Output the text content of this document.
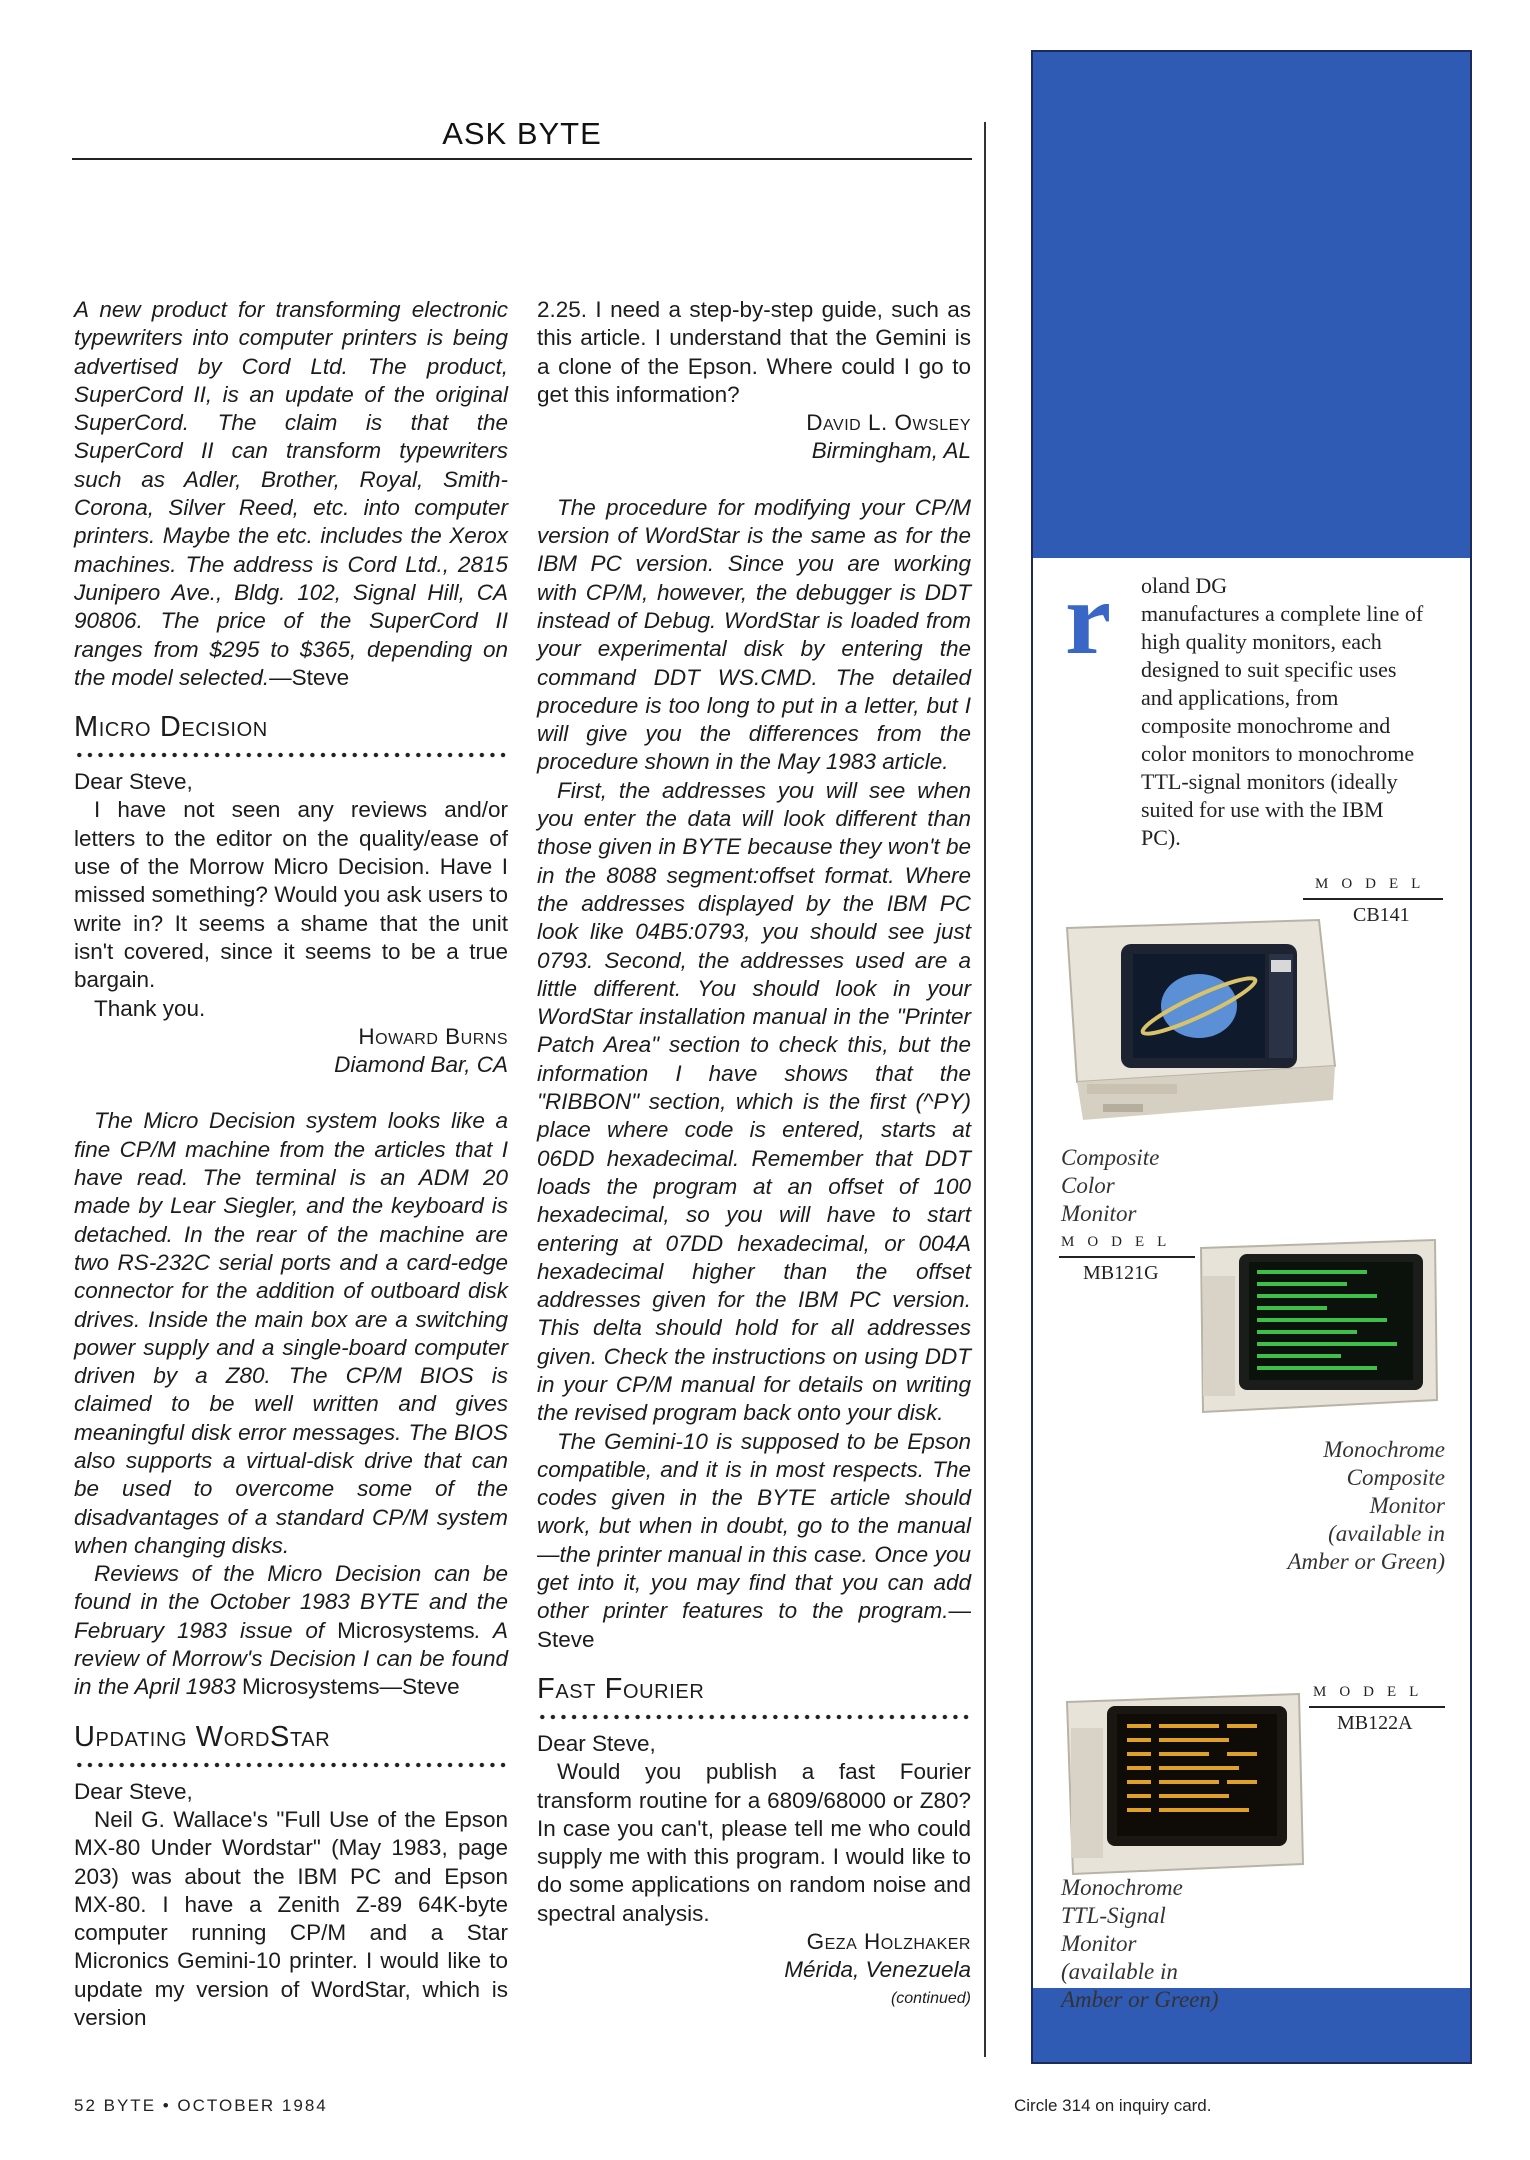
ASK BYTE

A new product for transforming electronic typewriters into computer printers is being advertised by Cord Ltd. The product, SuperCord II, is an update of the original SuperCord. The claim is that the SuperCord II can transform typewriters such as Adler, Brother, Royal, Smith-Corona, Silver Reed, etc. into computer printers. Maybe the etc. includes the Xerox machines. The address is Cord Ltd., 2815 Junipero Ave., Bldg. 102, Signal Hill, CA 90806. The price of the SuperCord II ranges from $295 to $365, depending on the model selected.—Steve

Micro Decision

Dear Steve,

I have not seen any reviews and/or letters to the editor on the quality/ease of use of the Morrow Micro Decision. Have I missed something? Would you ask users to write in? It seems a shame that the unit isn't covered, since it seems to be a true bargain.

Thank you.

Howard Burns

Diamond Bar, CA

The Micro Decision system looks like a fine CP/M machine from the articles that I have read. The terminal is an ADM 20 made by Lear Siegler, and the keyboard is detached. In the rear of the machine are two RS-232C serial ports and a card-edge connector for the addition of outboard disk drives. Inside the main box are a switching power supply and a single-board computer driven by a Z80. The CP/M BIOS is claimed to be well written and gives meaningful disk error messages. The BIOS also supports a virtual-disk drive that can be used to overcome some of the disadvantages of a standard CP/M system when changing disks.

Reviews of the Micro Decision can be found in the October 1983 BYTE and the February 1983 issue of Microsystems. A review of Morrow's Decision I can be found in the April 1983 Microsystems—Steve

Updating WordStar

Dear Steve,

Neil G. Wallace's "Full Use of the Epson MX-80 Under Wordstar" (May 1983, page 203) was about the IBM PC and Epson MX-80. I have a Zenith Z-89 64K-byte computer running CP/M and a Star Micronics Gemini-10 printer. I would like to update my version of WordStar, which is version

2.25. I need a step-by-step guide, such as this article. I understand that the Gemini is a clone of the Epson. Where could I go to get this information?

David L. Owsley

Birmingham, AL

The procedure for modifying your CP/M version of WordStar is the same as for the IBM PC version. Since you are working with CP/M, however, the debugger is DDT instead of Debug. WordStar is loaded from your experimental disk by entering the command DDT WS.CMD. The detailed procedure is too long to put in a letter, but I will give you the differences from the procedure shown in the May 1983 article.

First, the addresses you will see when you enter the data will look different than those given in BYTE because they won't be in the 8088 segment:offset format. Where the addresses displayed by the IBM PC look like 04B5:0793, you should see just 0793. Second, the addresses used are a little different. You should look in your WordStar installation manual in the "Printer Patch Area" section to check this, but the information I have shows that the "RIBBON" section, which is the first (^PY) place where code is entered, starts at 06DD hexadecimal. Remember that DDT loads the program at an offset of 100 hexadecimal, so you will have to start entering at 07DD hexadecimal, or 004A hexadecimal higher than the offset addresses given for the IBM PC version. This delta should hold for all addresses given. Check the instructions on using DDT in your CP/M manual for details on writing the revised program back onto your disk.

The Gemini-10 is supposed to be Epson compatible, and it is in most respects. The codes given in the BYTE article should work, but when in doubt, go to the manual—the printer manual in this case. Once you get into it, you may find that you can add other printer features to the program.—Steve

Fast Fourier

Dear Steve,

Would you publish a fast Fourier transform routine for a 6809/68000 or Z80? In case you can't, please tell me who could supply me with this program. I would like to do some applications on random noise and spectral analysis.

Geza Holzhaker

Mérida, Venezuela

(continued)

r	oland DG
manufactures a complete line of high quality monitors, each designed to suit specific uses and applications, from composite monochrome and color monitors to monochrome TTL-signal monitors (ideally suited for use with the IBM PC).
MODEL
CB141
Composite
Color
Monitor
MODEL
MB121G
Monochrome
Composite
Monitor
(available in
Amber or Green)
MODEL
MB122A
Monochrome
TTL-Signal
Monitor
(available in
Amber or Green)
52 BYTE • OCTOBER 1984	Circle 314 on inquiry card.
